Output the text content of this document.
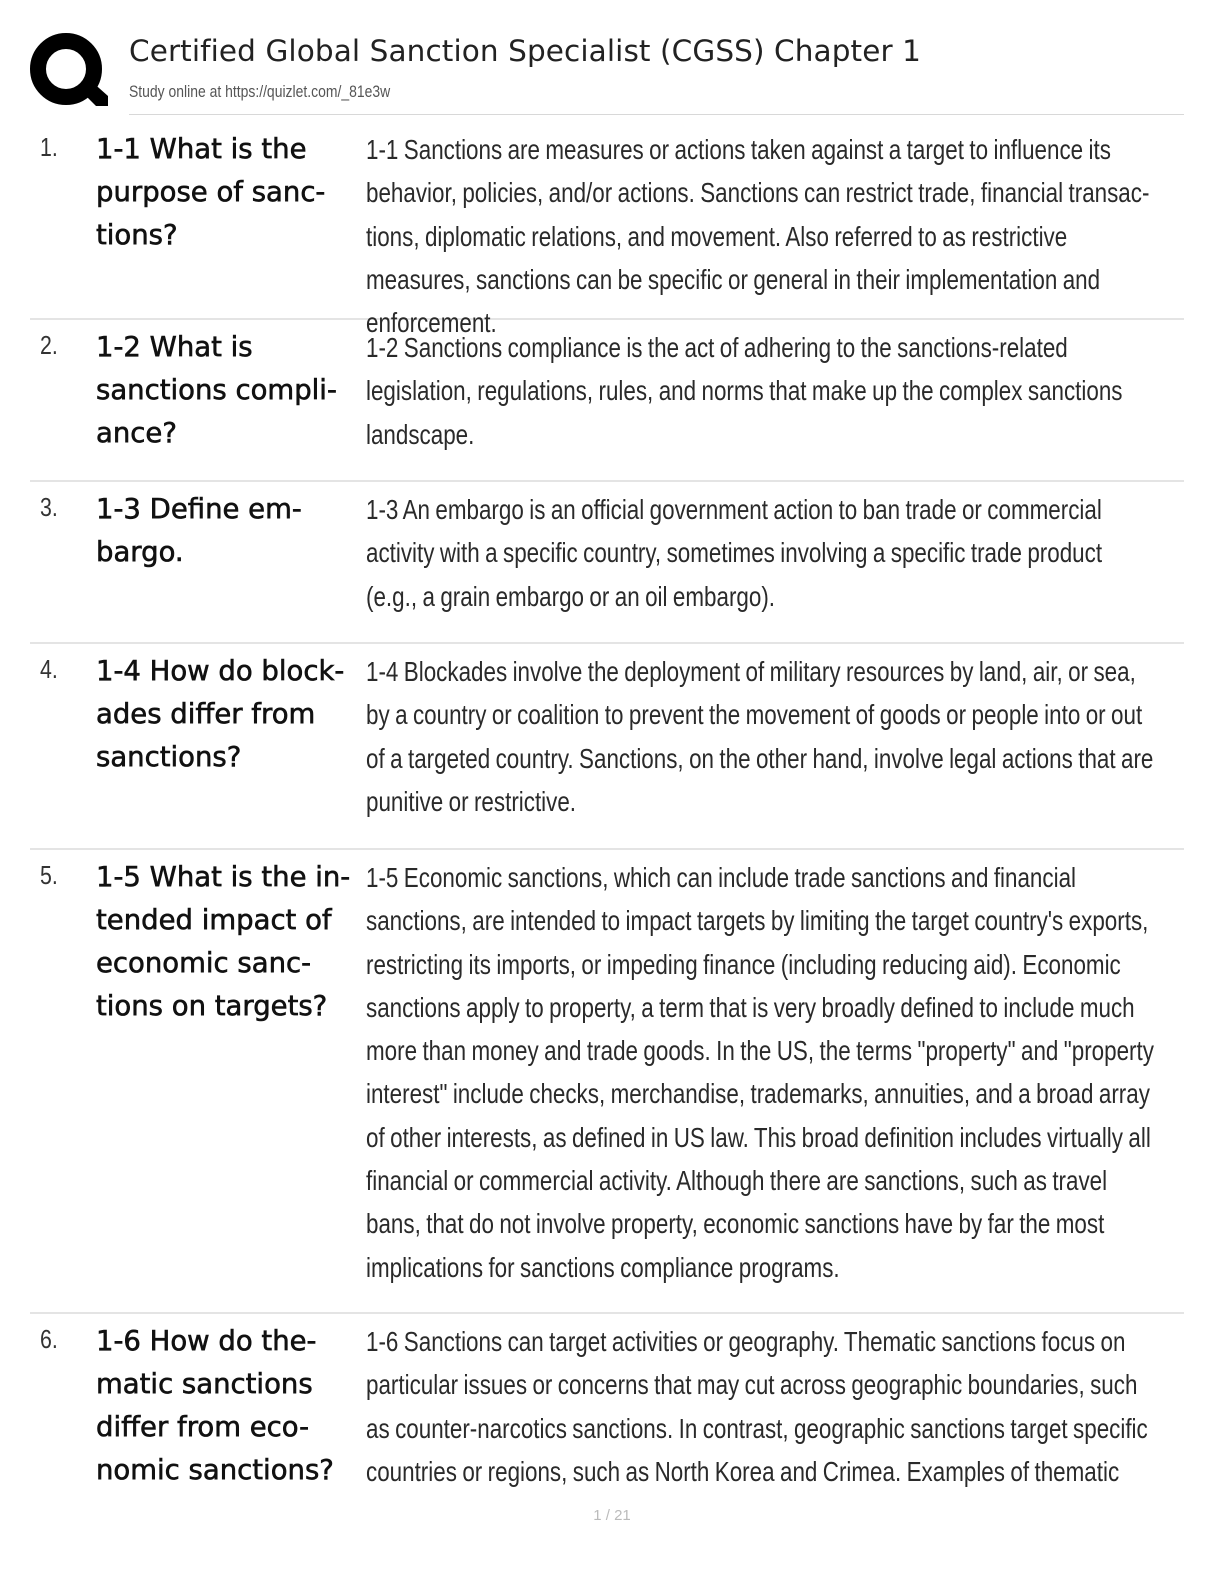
Certified Global Sanction Specialist (CGSS) Chapter 1
Study online at https://quizlet.com/_81e3w
1.	1-1 What is the purpose of sanc-tions?
1-1 Sanctions are measures or actions taken against a target to influence its behavior, policies, and/or actions. Sanctions can restrict trade, financial transac-tions, diplomatic relations, and movement. Also referred to as restrictive measures, sanctions can be specific or general in their implementation and enforcement.
2.	1-2 What is sanctions compli-ance?
1-2 Sanctions compliance is the act of adhering to the sanctions-related legislation, regulations, rules, and norms that make up the complex sanctions landscape.
3.	1-3 Define em-bargo.
1-3 An embargo is an official government action to ban trade or commercial activity with a specific country, sometimes involving a specific trade product (e.g., a grain embargo or an oil embargo).
4.	1-4 How do block-ades differ from sanctions?
1-4 Blockades involve the deployment of military resources by land, air, or sea, by a country or coalition to prevent the movement of goods or people into or out of a targeted country. Sanctions, on the other hand, involve legal actions that are punitive or restrictive.
5.	1-5 What is the in-tended impact of economic sanc-tions on targets?
1-5 Economic sanctions, which can include trade sanctions and financial sanctions, are intended to impact targets by limiting the target country's exports, restricting its imports, or impeding finance (including reducing aid). Economic sanctions apply to property, a term that is very broadly defined to include much more than money and trade goods. In the US, the terms "property" and "property interest" include checks, merchandise, trademarks, annuities, and a broad array of other interests, as defined in US law. This broad definition includes virtually all financial or commercial activity. Although there are sanctions, such as travel bans, that do not involve property, economic sanctions have by far the most implications for sanctions compliance programs.
6.	1-6 How do the-matic sanctions differ from eco-nomic sanctions?
1-6 Sanctions can target activities or geography. Thematic sanctions focus on particular issues or concerns that may cut across geographic boundaries, such as counter-narcotics sanctions. In contrast, geographic sanctions target specific countries or regions, such as North Korea and Crimea. Examples of thematic
1 / 21
